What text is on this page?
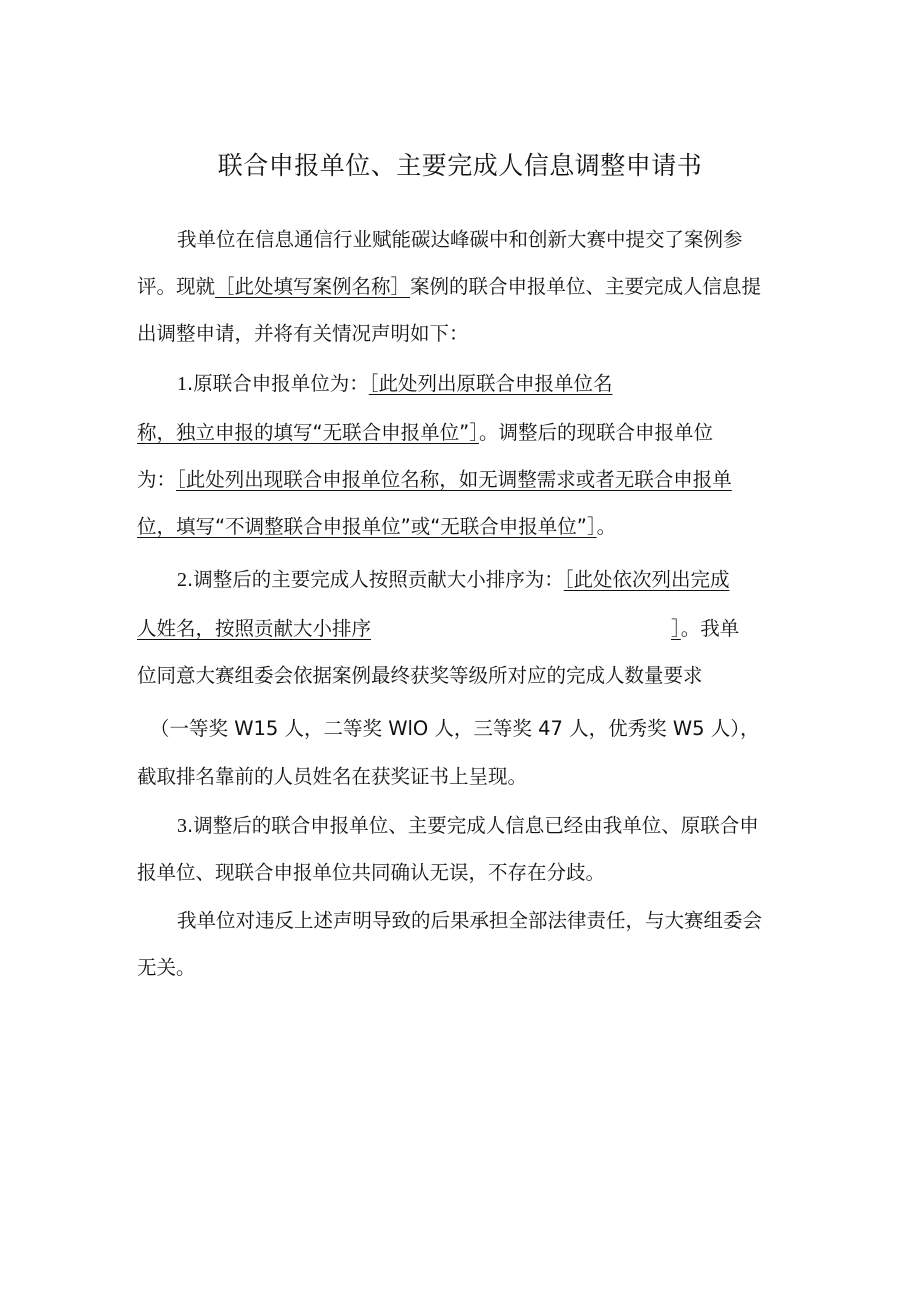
联合申报单位、主要完成人信息调整申请书
我单位在信息通信行业赋能碳达峰碳中和创新大赛中提交了案例参
评。现就［此处填写案例名称］案例的联合申报单位、主要完成人信息提
出调整申请，并将有关情况声明如下：
1.原联合申报单位为：［此处列出原联合申报单位名
称，独立申报的填写“无联合申报单位”］。调整后的现联合申报单位
为：［此处列出现联合申报单位名称，如无调整需求或者无联合申报单
位，填写“不调整联合申报单位”或“无联合申报单位”］。
2.调整后的主要完成人按照贡献大小排序为：［此处依次列出完成
人姓名，按照贡献大小排序	］。我单
位同意大赛组委会依据案例最终获奖等级所对应的完成人数量要求
（一等奖 W15 人，二等奖 WlO 人，三等奖 47 人，优秀奖 W5 人），
截取排名靠前的人员姓名在获奖证书上呈现。
3.调整后的联合申报单位、主要完成人信息已经由我单位、原联合申
报单位、现联合申报单位共同确认无误，不存在分歧。
我单位对违反上述声明导致的后果承担全部法律责任，与大赛组委会
无关。
